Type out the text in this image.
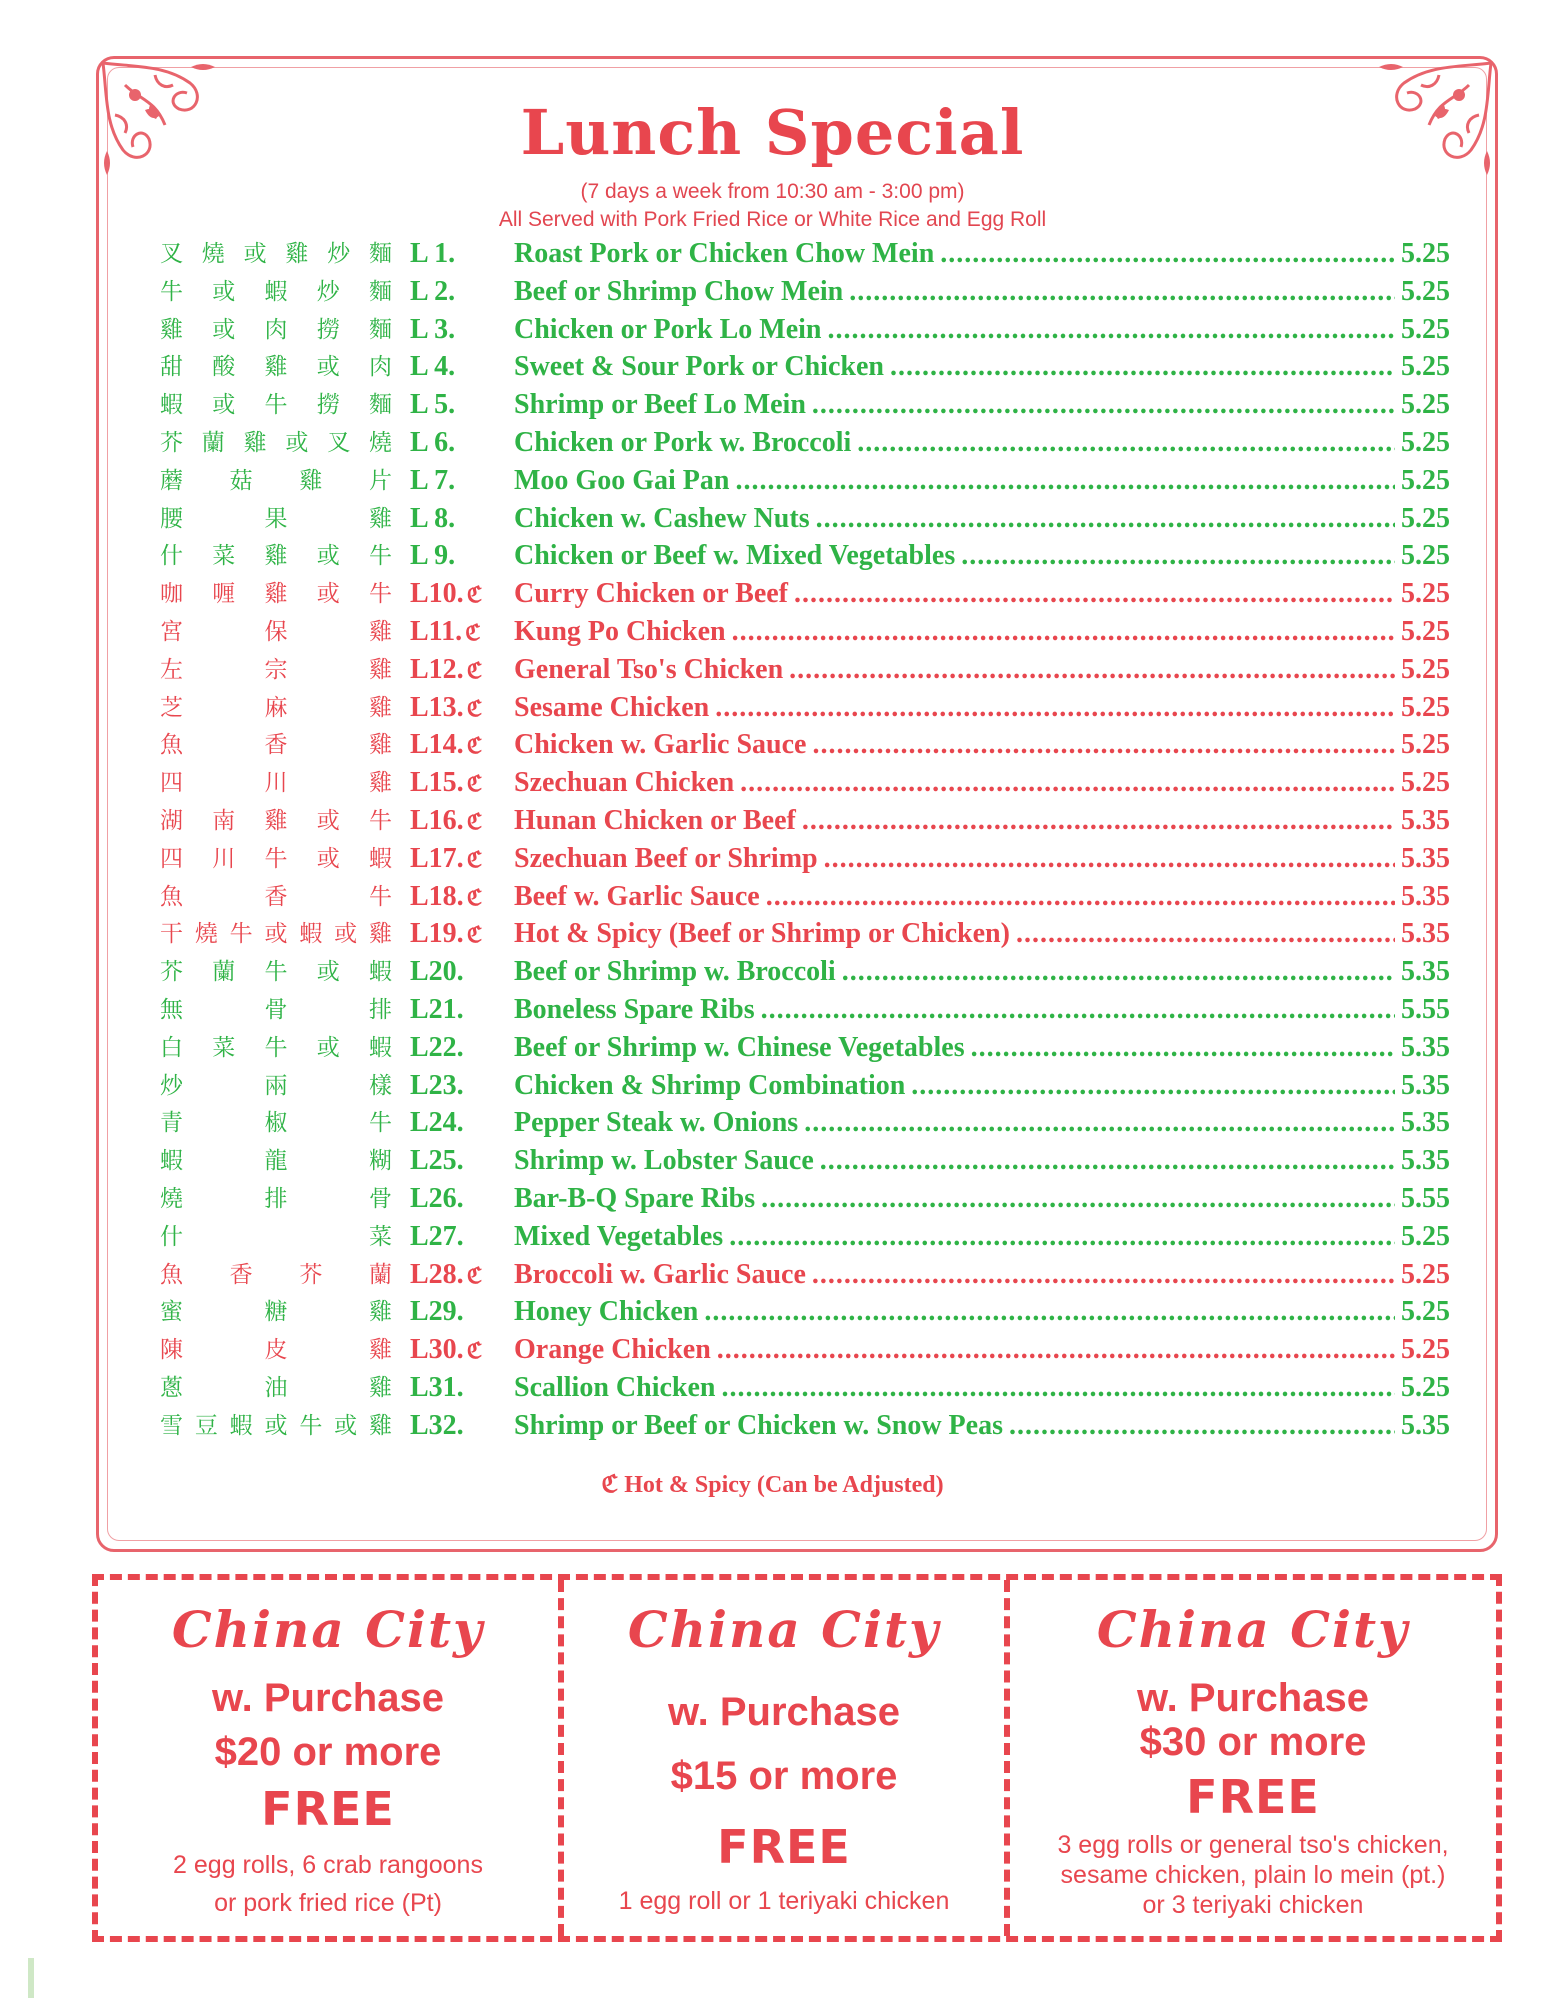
Lunch Special
(7 days a week from 10:30 am - 3:00 pm)
All Served with Pork Fried Rice or White Rice and Egg Roll
叉 燒 或 雞 炒 麵 L 1.	Roast Pork or Chicken Chow Mein .....	5.25
牛 或 蝦 炒 麵 L 2.	Beef or Shrimp Chow Mein .....	5.25
雞 或 肉 撈 麵 L 3.	Chicken or Pork Lo Mein .....	5.25
甜 酸 雞 或 肉 L 4.	Sweet & Sour Pork or Chicken .....	5.25
蝦 或 牛 撈 麵 L 5.	Shrimp or Beef Lo Mein .....	5.25
芥 蘭 雞 或 叉 燒 L 6.	Chicken or Pork w. Broccoli .....	5.25
蘑 菇 雞 片 L 7.	Moo Goo Gai Pan .....	5.25
腰	果	雞 L 8.	Chicken w. Cashew Nuts .....	5.25
什 菜 雞 或 牛 L 9.	Chicken or Beef w. Mixed Vegetables .....	5.25
咖 喱 雞 或 牛 L10. ℭ	Curry Chicken or Beef .....	5.25
宮	保	雞 L11. ℭ	Kung Po Chicken .....	5.25
左	宗	雞 L12. ℭ	General Tso's Chicken .....	5.25
芝	麻	雞 L13. ℭ	Sesame Chicken .....	5.25
魚	香	雞 L14. ℭ	Chicken w. Garlic Sauce .....	5.25
四	川	雞 L15. ℭ	Szechuan Chicken .....	5.25
湖 南 雞 或 牛 L16. ℭ	Hunan Chicken or Beef .....	5.35
四 川 牛 或 蝦 L17. ℭ	Szechuan Beef or Shrimp .....	5.35
魚	香	牛 L18. ℭ	Beef w. Garlic Sauce .....	5.35
干 燒 牛 或 蝦 或 雞 L19. ℭ	Hot & Spicy (Beef or Shrimp or Chicken) .....	5.35
芥 蘭 牛 或 蝦 L20.	Beef or Shrimp w. Broccoli .....	5.35
無	骨	排 L21.	Boneless Spare Ribs .....	5.55
白 菜 牛 或 蝦 L22.	Beef or Shrimp w. Chinese Vegetables .....	5.35
炒	兩	樣 L23.	Chicken & Shrimp Combination .....	5.35
青	椒	牛 L24.	Pepper Steak w. Onions .....	5.35
蝦	龍	糊 L25.	Shrimp w. Lobster Sauce .....	5.35
燒	排	骨 L26.	Bar-B-Q Spare Ribs .....	5.55
什	菜 L27.	Mixed Vegetables .....	5.25
魚 香 芥 蘭 L28. ℭ	Broccoli w. Garlic Sauce .....	5.25
蜜	糖	雞 L29.	Honey Chicken .....	5.25
陳	皮	雞 L30. ℭ	Orange Chicken .....	5.25
蔥	油	雞 L31.	Scallion Chicken .....	5.25
雪 豆 蝦 或 牛 或 雞 L32.	Shrimp or Beef or Chicken w. Snow Peas .....	5.35
ℭ Hot & Spicy (Can be Adjusted)
China City
w. Purchase
$20 or more
FREE
2 egg rolls, 6 crab rangoons
or pork fried rice (Pt)
China City
w. Purchase
$15 or more
FREE
1 egg roll or 1 teriyaki chicken
China City
w. Purchase
$30 or more
FREE
3 egg rolls or general tso's chicken,
sesame chicken, plain lo mein (pt.)
or 3 teriyaki chicken
